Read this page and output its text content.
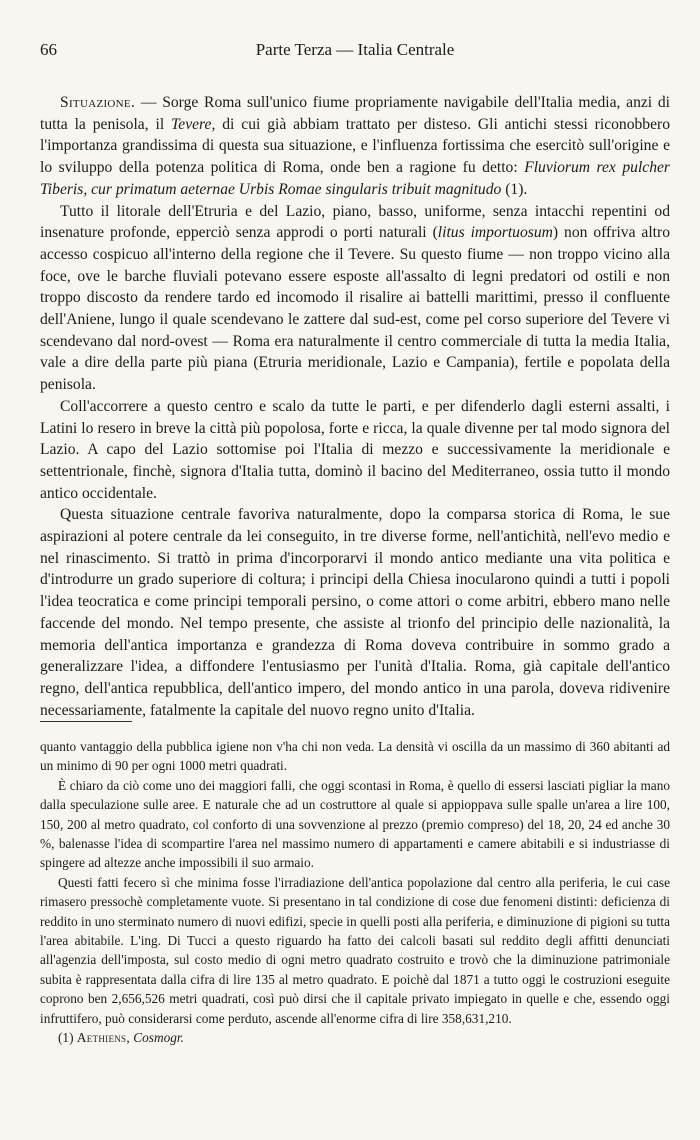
66	Parte Terza — Italia Centrale

Situazione. — Sorge Roma sull'unico fiume propriamente navigabile dell'Italia media, anzi di tutta la penisola, il Tevere, di cui già abbiam trattato per disteso. Gli antichi stessi riconobbero l'importanza grandissima di questa sua situazione, e l'influenza fortissima che esercitò sull'origine e lo sviluppo della potenza politica di Roma, onde ben a ragione fu detto: Fluviorum rex pulcher Tiberis, cur primatum aeternae Urbis Romae singularis tribuit magnitudo (1).

Tutto il litorale dell'Etruria e del Lazio, piano, basso, uniforme, senza intacchi repentini od insenature profonde, epperciò senza approdi o porti naturali (litus importuosum) non offriva altro accesso cospicuo all'interno della regione che il Tevere. Su questo fiume — non troppo vicino alla foce, ove le barche fluviali potevano essere esposte all'assalto di legni predatori od ostili e non troppo discosto da rendere tardo ed incomodo il risalire ai battelli marittimi, presso il confluente dell'Aniene, lungo il quale scendevano le zattere dal sud-est, come pel corso superiore del Tevere vi scendevano dal nord-ovest — Roma era naturalmente il centro commerciale di tutta la media Italia, vale a dire della parte più piana (Etruria meridionale, Lazio e Campania), fertile e popolata della penisola.

Coll'accorrere a questo centro e scalo da tutte le parti, e per difenderlo dagli esterni assalti, i Latini lo resero in breve la città più popolosa, forte e ricca, la quale divenne per tal modo signora del Lazio. A capo del Lazio sottomise poi l'Italia di mezzo e successivamente la meridionale e settentrionale, finchè, signora d'Italia tutta, dominò il bacino del Mediterraneo, ossia tutto il mondo antico occidentale.

Questa situazione centrale favoriva naturalmente, dopo la comparsa storica di Roma, le sue aspirazioni al potere centrale da lei conseguito, in tre diverse forme, nell'antichità, nell'evo medio e nel rinascimento. Si trattò in prima d'incorporarvi il mondo antico mediante una vita politica e d'introdurre un grado superiore di coltura; i principi della Chiesa inocularono quindi a tutti i popoli l'idea teocratica e come principi temporali persino, o come attori o come arbitri, ebbero mano nelle faccende del mondo. Nel tempo presente, che assiste al trionfo del principio delle nazionalità, la memoria dell'antica importanza e grandezza di Roma doveva contribuire in sommo grado a generalizzare l'idea, a diffondere l'entusiasmo per l'unità d'Italia. Roma, già capitale dell'antico regno, dell'antica repubblica, dell'antico impero, del mondo antico in una parola, doveva ridivenire necessariamente, fatalmente la capitale del nuovo regno unito d'Italia.

quanto vantaggio della pubblica igiene non v'ha chi non veda. La densità vi oscilla da un massimo di 360 abitanti ad un minimo di 90 per ogni 1000 metri quadrati.

È chiaro da ciò come uno dei maggiori falli, che oggi scontasi in Roma, è quello di essersi lasciati pigliar la mano dalla speculazione sulle aree. E naturale che ad un costruttore al quale si appioppava sulle spalle un'area a lire 100, 150, 200 al metro quadrato, col conforto di una sovvenzione al prezzo (premio compreso) del 18, 20, 24 ed anche 30 %, balenasse l'idea di scompartire l'area nel massimo numero di appartamenti e camere abitabili e si industriasse di spingere ad altezze anche impossibili il suo armaio.

Questi fatti fecero sì che minima fosse l'irradiazione dell'antica popolazione dal centro alla periferia, le cui case rimasero pressochè completamente vuote. Si presentano in tal condizione di cose due fenomeni distinti: deficienza di reddito in uno sterminato numero di nuovi edifizi, specie in quelli posti alla periferia, e diminuzione di pigioni su tutta l'area abitabile. L'ing. Di Tucci a questo riguardo ha fatto dei calcoli basati sul reddito degli affitti denunciati all'agenzia dell'imposta, sul costo medio di ogni metro quadrato costruito e trovò che la diminuzione patrimoniale subita è rappresentata dalla cifra di lire 135 al metro quadrato. E poichè dal 1871 a tutto oggi le costruzioni eseguite coprono ben 2,656,526 metri quadrati, così può dirsi che il capitale privato impiegato in quelle e che, essendo oggi infruttifero, può considerarsi come perduto, ascende all'enorme cifra di lire 358,631,210.

(1) Aethiens, Cosmogr.
